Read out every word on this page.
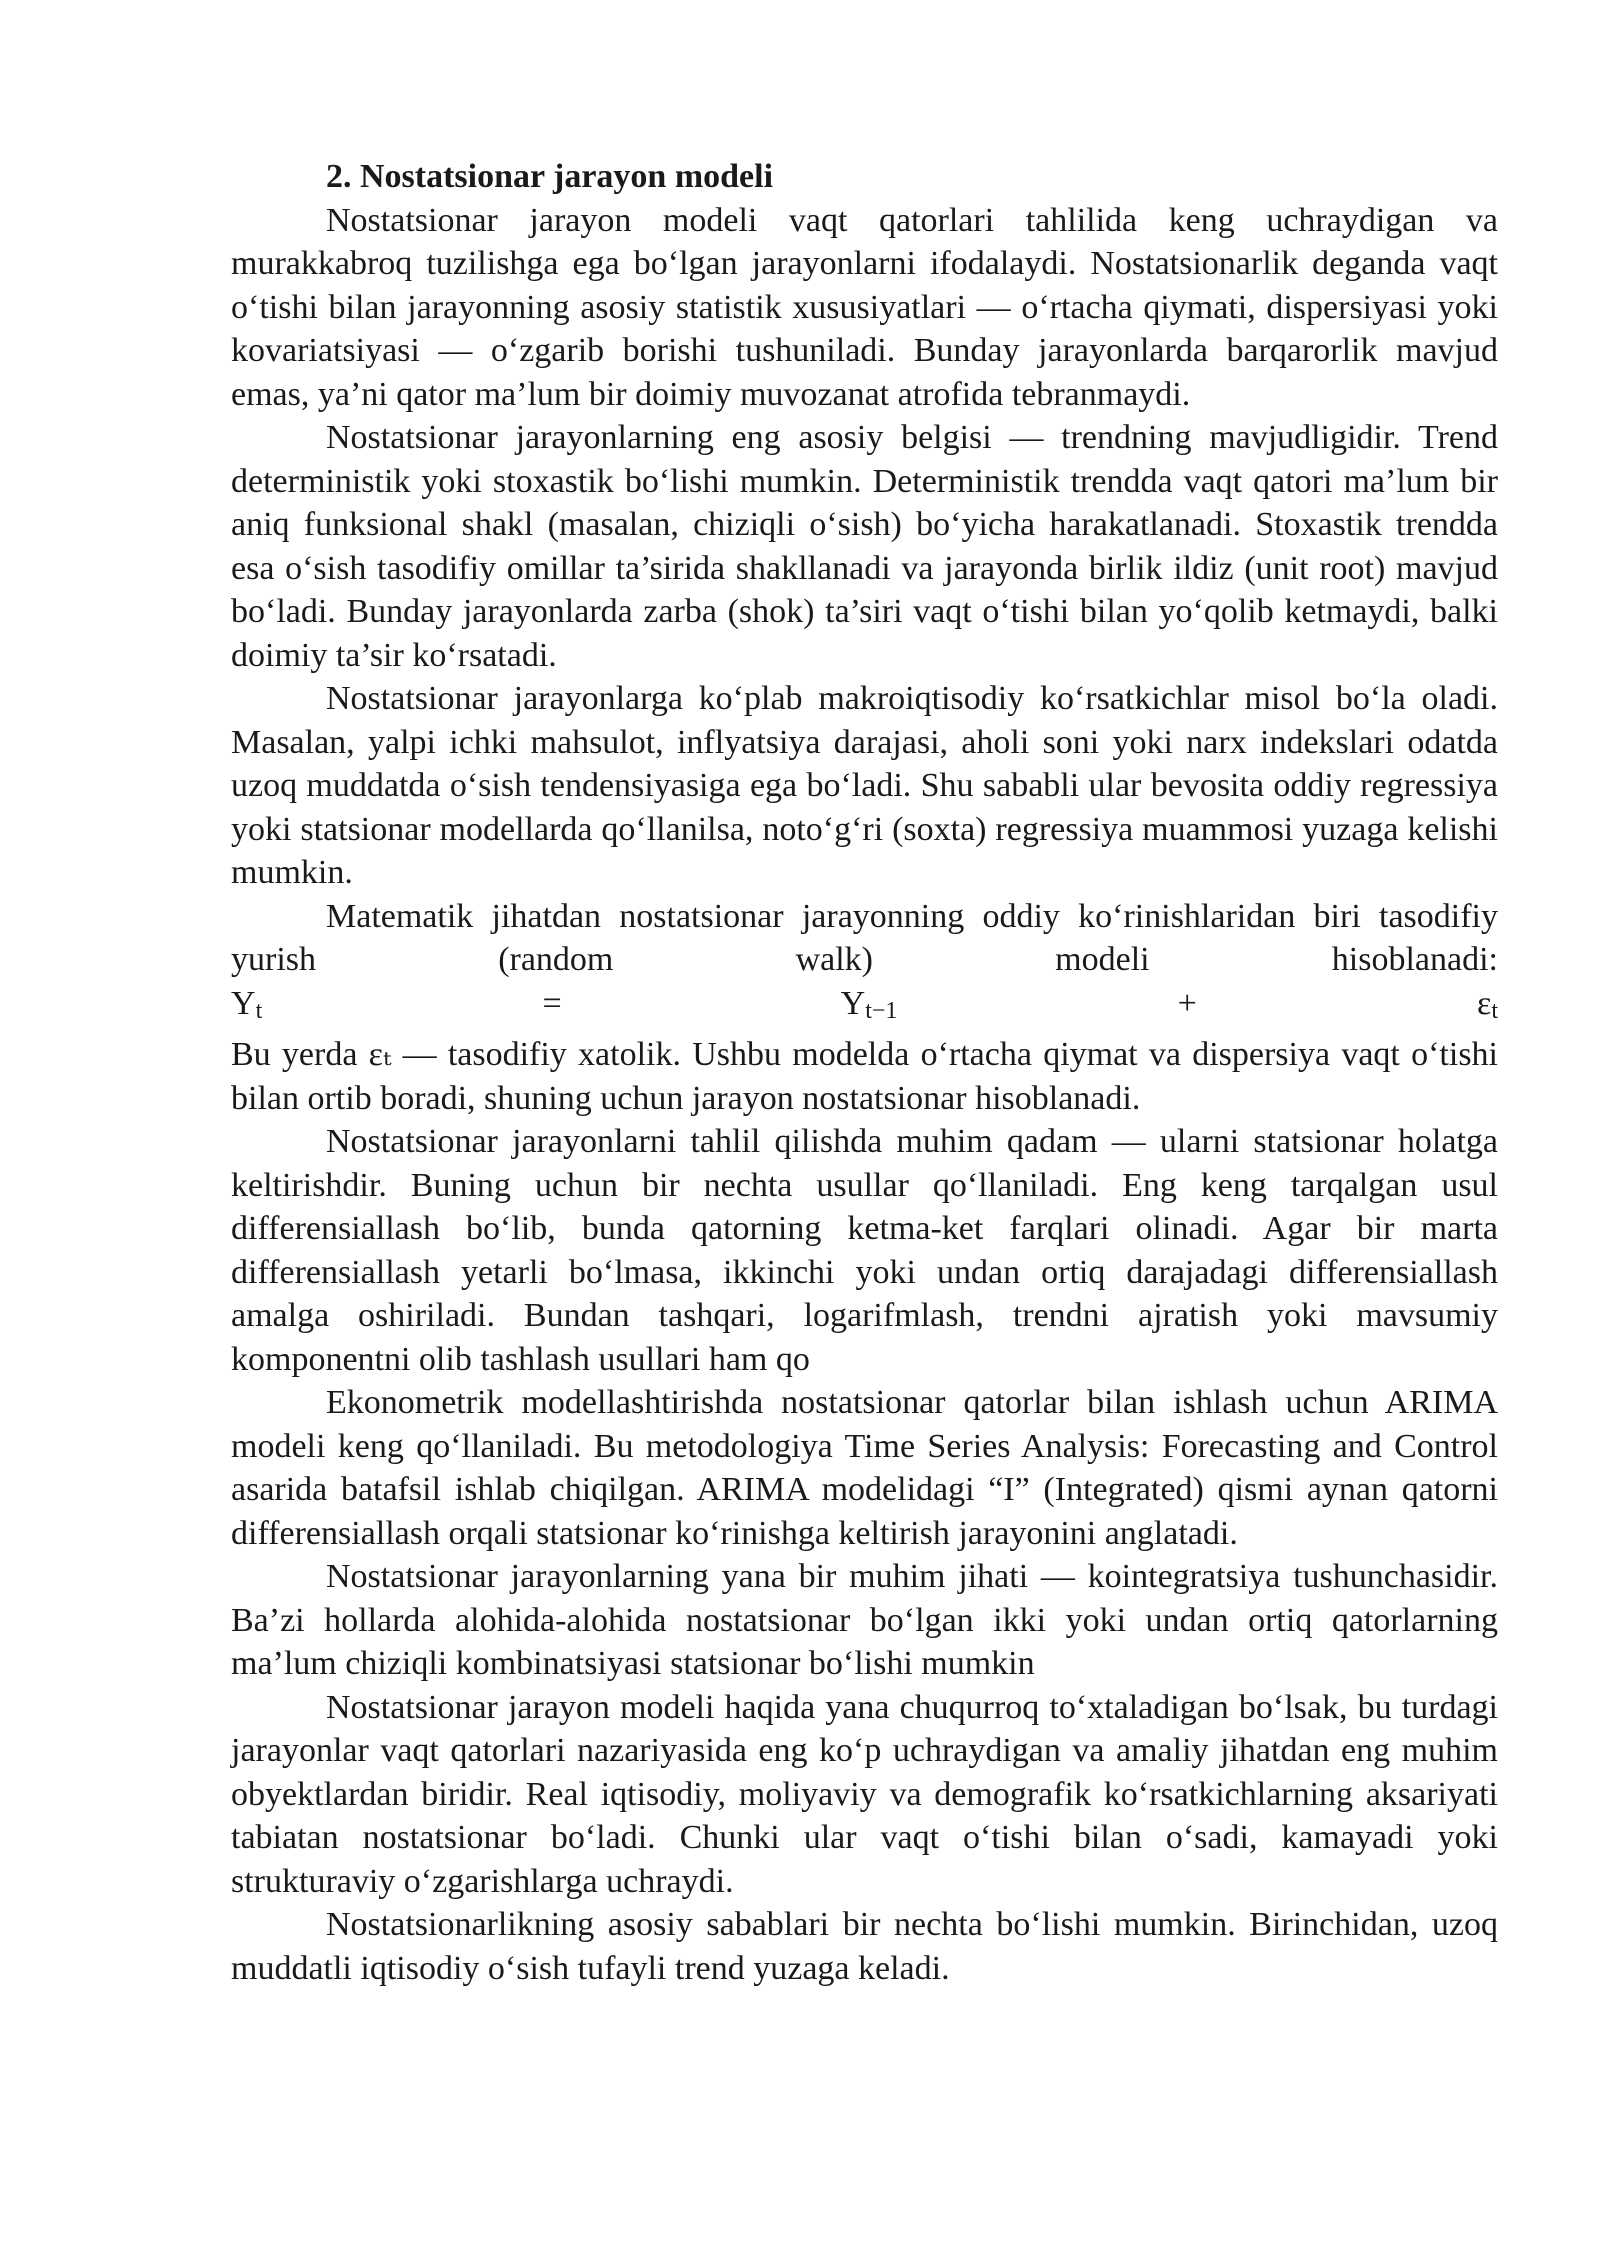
2. Nostatsionar jarayon modeli

Nostatsionar jarayon modeli vaqt qatorlari tahlilida keng uchraydigan va murakkabroq tuzilishga ega bo‘lgan jarayonlarni ifodalaydi. Nostatsionarlik deganda vaqt o‘tishi bilan jarayonning asosiy statistik xususiyatlari — o‘rtacha qiymati, dispersiyasi yoki kovariatsiyasi — o‘zgarib borishi tushuniladi. Bunday jarayonlarda barqarorlik mavjud emas, ya’ni qator ma’lum bir doimiy muvozanat atrofida tebranmaydi.

Nostatsionar jarayonlarning eng asosiy belgisi — trendning mavjudligidir. Trend deterministik yoki stoxastik bo‘lishi mumkin. Deterministik trendda vaqt qatori ma’lum bir aniq funksional shakl (masalan, chiziqli o‘sish) bo‘yicha harakatlanadi. Stoxastik trendda esa o‘sish tasodifiy omillar ta’sirida shakllanadi va jarayonda birlik ildiz (unit root) mavjud bo‘ladi. Bunday jarayonlarda zarba (shok) ta’siri vaqt o‘tishi bilan yo‘qolib ketmaydi, balki doimiy ta’sir ko‘rsatadi.

Nostatsionar jarayonlarga ko‘plab makroiqtisodiy ko‘rsatkichlar misol bo‘la oladi. Masalan, yalpi ichki mahsulot, inflyatsiya darajasi, aholi soni yoki narx indekslari odatda uzoq muddatda o‘sish tendensiyasiga ega bo‘ladi. Shu sababli ular bevosita oddiy regressiya yoki statsionar modellarda qo‘llanilsa, noto‘g‘ri (soxta) regressiya muammosi yuzaga kelishi mumkin.

Matematik jihatdan nostatsionar jarayonning oddiy ko‘rinishlaridan biri tasodifiy yurish (random walk) modeli hisoblanadi:

Yt	=	Yt−1	+	εt

Bu yerda εₜ — tasodifiy xatolik. Ushbu modelda o‘rtacha qiymat va dispersiya vaqt o‘tishi bilan ortib boradi, shuning uchun jarayon nostatsionar hisoblanadi.

Nostatsionar jarayonlarni tahlil qilishda muhim qadam — ularni statsionar holatga keltirishdir. Buning uchun bir nechta usullar qo‘llaniladi. Eng keng tarqalgan usul differensiallash bo‘lib, bunda qatorning ketma-ket farqlari olinadi. Agar bir marta differensiallash yetarli bo‘lmasa, ikkinchi yoki undan ortiq darajadagi differensiallash amalga oshiriladi. Bundan tashqari, logarifmlash, trendni ajratish yoki mavsumiy komponentni olib tashlash usullari ham qo

Ekonometrik modellashtirishda nostatsionar qatorlar bilan ishlash uchun ARIMA modeli keng qo‘llaniladi. Bu metodologiya Time Series Analysis: Forecasting and Control asarida batafsil ishlab chiqilgan. ARIMA modelidagi “I” (Integrated) qismi aynan qatorni differensiallash orqali statsionar ko‘rinishga keltirish jarayonini anglatadi.

Nostatsionar jarayonlarning yana bir muhim jihati — kointegratsiya tushunchasidir. Ba’zi hollarda alohida-alohida nostatsionar bo‘lgan ikki yoki undan ortiq qatorlarning ma’lum chiziqli kombinatsiyasi statsionar bo‘lishi mumkin

Nostatsionar jarayon modeli haqida yana chuqurroq to‘xtaladigan bo‘lsak, bu turdagi jarayonlar vaqt qatorlari nazariyasida eng ko‘p uchraydigan va amaliy jihatdan eng muhim obyektlardan biridir. Real iqtisodiy, moliyaviy va demografik ko‘rsatkichlarning aksariyati tabiatan nostatsionar bo‘ladi. Chunki ular vaqt o‘tishi bilan o‘sadi, kamayadi yoki strukturaviy o‘zgarishlarga uchraydi.

Nostatsionarlikning asosiy sabablari bir nechta bo‘lishi mumkin. Birinchidan, uzoq muddatli iqtisodiy o‘sish tufayli trend yuzaga keladi.
